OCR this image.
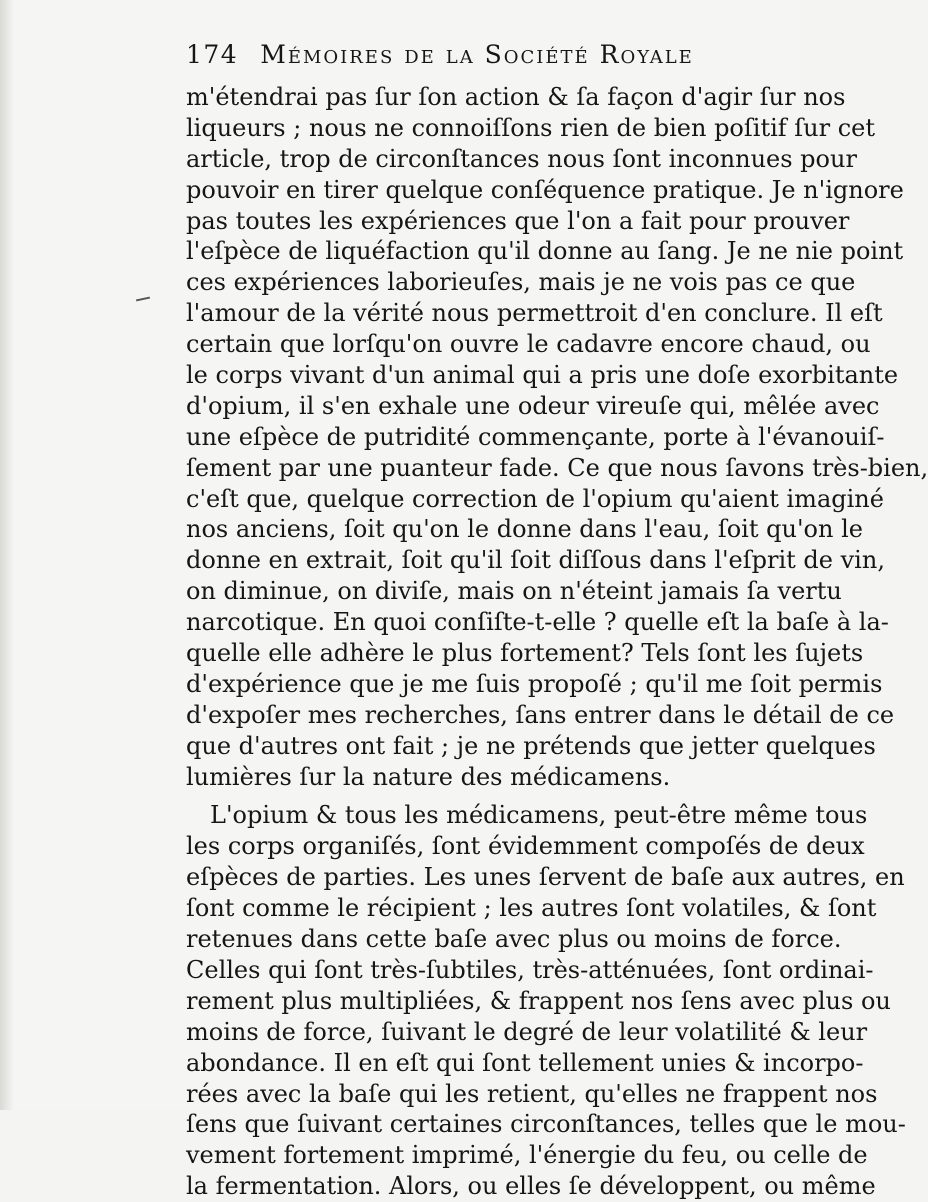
174 Mémoires de la Société Royale
m'étendrai pas ſur ſon action & ſa façon d'agir ſur nos
liqueurs ; nous ne connoiſſons rien de bien poſitif ſur cet
article, trop de circonſtances nous ſont inconnues pour
pouvoir en tirer quelque conſéquence pratique. Je n'ignore
pas toutes les expériences que l'on a fait pour prouver
l'eſpèce de liquéfaction qu'il donne au ſang. Je ne nie point
ces expériences laborieuſes, mais je ne vois pas ce que
l'amour de la vérité nous permettroit d'en conclure. Il eſt
certain que lorſqu'on ouvre le cadavre encore chaud, ou
le corps vivant d'un animal qui a pris une doſe exorbitante
d'opium, il s'en exhale une odeur vireuſe qui, mêlée avec
une eſpèce de putridité commençante, porte à l'évanouiſ-
ſement par une puanteur fade. Ce que nous ſavons très-bien,
c'eſt que, quelque correction de l'opium qu'aient imaginé
nos anciens, ſoit qu'on le donne dans l'eau, ſoit qu'on le
donne en extrait, ſoit qu'il ſoit diſſous dans l'eſprit de vin,
on diminue, on diviſe, mais on n'éteint jamais ſa vertu
narcotique. En quoi conſiſte-t-elle ? quelle eſt la baſe à la-
quelle elle adhère le plus fortement? Tels ſont les ſujets
d'expérience que je me ſuis propoſé ; qu'il me ſoit permis
d'expoſer mes recherches, ſans entrer dans le détail de ce
que d'autres ont fait ; je ne prétends que jetter quelques
lumières ſur la nature des médicamens.
L'opium & tous les médicamens, peut-être même tous
les corps organiſés, ſont évidemment compoſés de deux
eſpèces de parties. Les unes ſervent de baſe aux autres, en
ſont comme le récipient ; les autres ſont volatiles, & ſont
retenues dans cette baſe avec plus ou moins de force.
Celles qui ſont très-ſubtiles, très-atténuées, ſont ordinai-
rement plus multipliées, & frappent nos ſens avec plus ou
moins de force, ſuivant le degré de leur volatilité & leur
abondance. Il en eſt qui ſont tellement unies & incorpo-
rées avec la baſe qui les retient, qu'elles ne frappent nos
ſens que ſuivant certaines circonſtances, telles que le mou-
vement fortement imprimé, l'énergie du feu, ou celle de
la fermentation. Alors, ou elles ſe développent, ou même
